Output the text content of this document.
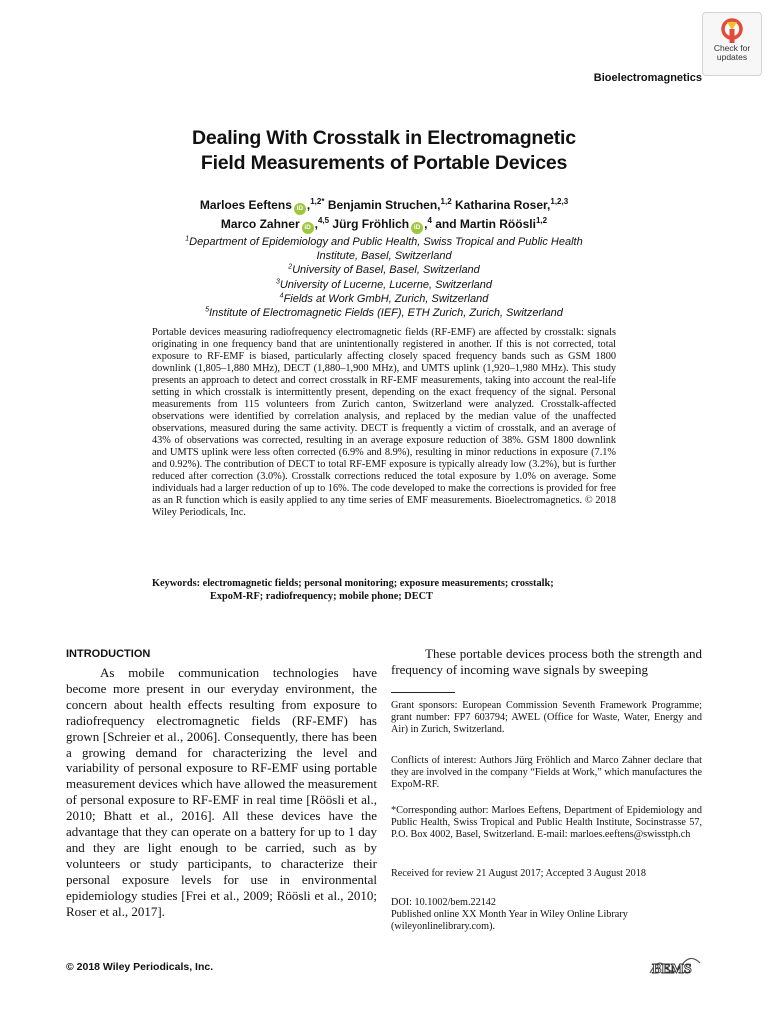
Check for
updates
Bioelectromagnetics
Dealing With Crosstalk in Electromagnetic
Field Measurements of Portable Devices
Marloes Eeftens iD ,$^{1,2*}$ Benjamin Struchen,$^{1,2}$ Katharina Roser,$^{1,2,3}$
Marco Zahner iD ,$^{4,5}$ Jürg Fröhlich iD ,$^4$ and Martin Röösli$^{1,2}$
$^1$Department of Epidemiology and Public Health, Swiss Tropical and Public Health
Institute, Basel, Switzerland
$^2$University of Basel, Basel, Switzerland
$^3$University of Lucerne, Lucerne, Switzerland
$^4$Fields at Work GmbH, Zurich, Switzerland
$^5$Institute of Electromagnetic Fields (IEF), ETH Zurich, Zurich, Switzerland
Portable devices measuring radiofrequency electromagnetic fields (RF-EMF) are affected by crosstalk: signals originating in one frequency band that are unintentionally registered in another. If this is not corrected, total exposure to RF-EMF is biased, particularly affecting closely spaced frequency bands such as GSM 1800 downlink (1,805–1,880 MHz), DECT (1,880–1,900 MHz), and UMTS uplink (1,920–1,980 MHz). This study presents an approach to detect and correct crosstalk in RF-EMF measurements, taking into account the real-life setting in which crosstalk is intermittently present, depending on the exact frequency of the signal. Personal measurements from 115 volunteers from Zurich canton, Switzerland were analyzed. Crosstalk-affected observations were identified by correlation analysis, and replaced by the median value of the unaffected observations, measured during the same activity. DECT is frequently a victim of crosstalk, and an average of 43% of observations was corrected, resulting in an average exposure reduction of 38%. GSM 1800 downlink and UMTS uplink were less often corrected (6.9% and 8.9%), resulting in minor reductions in exposure (7.1% and 0.92%). The contribution of DECT to total RF-EMF exposure is typically already low (3.2%), but is further reduced after correction (3.0%). Crosstalk corrections reduced the total exposure by 1.0% on average. Some individuals had a larger reduction of up to 16%. The code developed to make the corrections is provided for free as an R function which is easily applied to any time series of EMF measurements. Bioelectromagnetics. © 2018 Wiley Periodicals, Inc.
Keywords: electromagnetic fields; personal monitoring; exposure measurements; crosstalk;
ExpoM-RF; radiofrequency; mobile phone; DECT
INTRODUCTION
As mobile communication technologies have become more present in our everyday environment, the concern about health effects resulting from exposure to radiofrequency electromagnetic fields (RF-EMF) has grown [Schreier et al., 2006]. Consequently, there has been a growing demand for characterizing the level and variability of personal exposure to RF-EMF using portable measurement devices which have allowed the measurement of personal exposure to RF-EMF in real time [Röösli et al., 2010; Bhatt et al., 2016]. All these devices have the advantage that they can operate on a battery for up to 1 day and they are light enough to be carried, such as by volunteers or study participants, to characterize their personal exposure levels for use in environmental epidemiology studies [Frei et al., 2009; Röösli et al., 2010; Roser et al., 2017].
These portable devices process both the strength and frequency of incoming wave signals by sweeping
Grant sponsors: European Commission Seventh Framework Programme; grant number: FP7 603794; AWEL (Office for Waste, Water, Energy and Air) in Zurich, Switzerland.
Conflicts of interest: Authors Jürg Fröhlich and Marco Zahner declare that they are involved in the company “Fields at Work,” which manufactures the ExpoM-RF.
*Corresponding author: Marloes Eeftens, Department of Epidemiology and Public Health, Swiss Tropical and Public Health Institute, Socinstrasse 57, P.O. Box 4002, Basel, Switzerland. E-mail: marloes.eeftens@swisstph.ch
Received for review 21 August 2017; Accepted 3 August 2018
DOI: 10.1002/bem.22142
Published online XX Month Year in Wiley Online Library (wileyonlinelibrary.com).
© 2018 Wiley Periodicals, Inc.	BEMS
